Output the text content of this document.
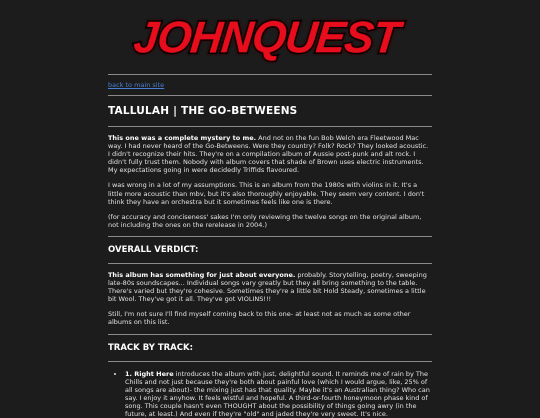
JOHNQUEST
back to main site
TALLULAH | THE GO-BETWEENS

This one was a complete mystery to me. And not on the fun Bob Welch era Fleetwood Mac way. I had never heard of the Go-Betweens. Were they country? Folk? Rock? They looked acoustic. I didn't recognize their hits. They're on a compilation album of Aussie post-punk and alt rock. I didn't fully trust them. Nobody with album covers that shade of Brown uses electric instruments. My expectations going in were decidedly Triffids flavoured.

I was wrong in a lot of my assumptions. This is an album from the 1980s with violins in it. It's a little more acoustic than mbv, but it's also thoroughly enjoyable. They seem very content. I don't think they have an orchestra but it sometimes feels like one is there.

(for accuracy and conciseness' sakes I'm only reviewing the twelve songs on the original album, not including the ones on the rerelease in 2004.)

OVERALL VERDICT:

This album has something for just about everyone. probably. Storytelling, poetry, sweeping late-80s soundscapes... Individual songs vary greatly but they all bring something to the table. There's varied but they're cohesive. Sometimes they're a little bit Hold Steady, sometimes a little bit Wool. They've got it all. They've got VIOLINS!!!

Still, I'm not sure I'll find myself coming back to this one- at least not as much as some other albums on this list.

TRACK BY TRACK:
• 1. Right Here introduces the album with just, delightful sound. It reminds me of rain by The Chills and not just because they're both about painful love (which I would argue, like, 25% of all songs are about)- the mixing just has that quality. Maybe it's an Australian thing? Who can say. I enjoy it anyhow. It feels wistful and hopeful. A third-or-fourth honeymoon phase kind of song. This couple hasn't even THOUGHT about the possibility of things going awry (in the future, at least.) And even if they're "old" and jaded they're very sweet. It's nice.
